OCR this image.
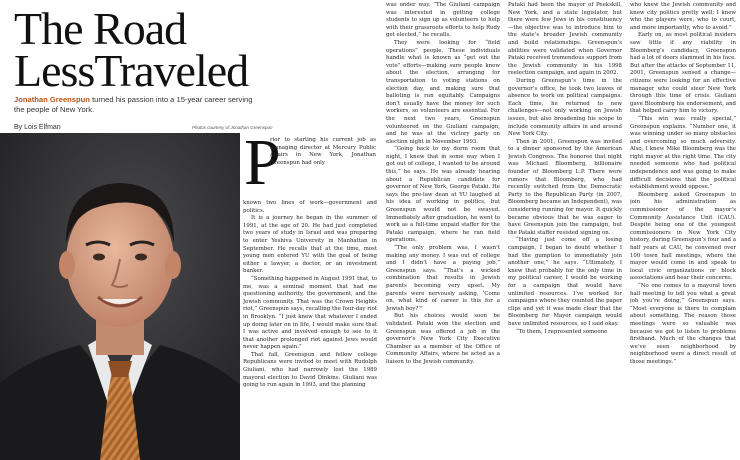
The Road
LessTraveled
Jonathan Greenspun turned his passion into a 15-year career serving the people of New York.
By Lois Elfman	Photos courtesy of Jonathan Greenspun
P

rior to starting his current job as managing director at Mercury Public Affairs in New York, Jonathan Greenspun had only

known two lines of work—government and politics.

It is a journey he began in the summer of 1991, at the age of 20. He had just completed two years of study in Israel and was preparing to enter Yeshiva University in Manhattan in September. He recalls that at the time, most young men entered YU with the goal of being either a lawyer, a doctor, or an investment banker.

“Something happened in August 1991 that, to me, was a seminal moment that had me questioning authority, the government, and the Jewish community. That was the Crown Heights riot,” Greenspun says, recalling the four-day riot in Brooklyn. “I just knew that whatever I ended up doing later on in life, I would make sure that I was active and involved enough to see to it that another prolonged riot against Jews would never happen again.”

That fall, Greenspun and fellow college Republicans were invited to meet with Rudolph Giuliani, who had narrowly lost the 1989 mayoral election to David Dinkins. Giuliani was going to run again in 1993, and the planning

was under way. “The Giuliani campaign was interested in getting college students to sign up as volunteers to help with their grassroots efforts to help Rudy get elected,” he recalls.

They were looking for “field operations” people. These individuals handle what is known as “get out the vote” efforts—making sure people know about the election, arranging for transportation to voting stations on election day, and making sure that balloting is run equitably. Campaigns don’t usually have the money for such workers, so volunteers are essential. For the next two years, Greenspun volunteered on the Giuliani campaign, and he was at the victory party on election night in November 1993.

“Going back to my dorm room that night, I knew that in some way when I got out of college, I wanted to be around this,” he says. He was already hearing about a Republican candidate for governor of New York, George Pataki. He says the pre-law dean at YU laughed at his idea of working in politics, but Greenspun would not be swayed. Immediately after graduation, he went to work as a full-time unpaid staffer for the Pataki campaign, where he ran field operations.

“The only problem was, I wasn’t making any money. I was out of college and I didn’t have a paying job,” Greenspun says. “That’s a wicked combination that results in Jewish parents becoming very upset. My parents were nervously asking, ‘Come on, what kind of career is this for a Jewish boy?’”

But his choices would soon be validated. Pataki won the election and Greenspun was offered a job in the governor’s New York City Executive Chamber as a member of the Office of Community Affairs, where he acted as a liaison to the Jewish community.

Pataki had been the mayor of Peekskill, New York, and a state legislator, but there were few Jews in his constituency—the objective was to introduce him to the state’s broader Jewish community and build relationships. Greenspun’s abilities were validated when Governor Pataki received tremendous support from the Jewish community in his 1998 reelection campaign, and again in 2002.

During Greenspun’s time in the governor’s office, he took two leaves of absence to work on political campaigns. Each time, he returned to new challenges—not only working on Jewish issues, but also broadening his scope to include community affairs in and around New York City.

Then in 2001, Greenspun was invited to a dinner sponsored by the American Jewish Congress. The honoree that night was Michael Bloomberg, billionaire founder of Bloomberg L.P. There were rumors that Bloomberg, who had recently switched from the Democratic Party to the Republican Party (in 2007, Bloomberg became an Independent), was considering running for mayor. It quickly became obvious that he was eager to have Greenspun join the campaign, but the Pataki staffer resisted signing on.

“Having just come off a losing campaign, I began to doubt whether I had the gumption to immediately join another one,” he says. “Ultimately, I knew that probably for the only time in my political career, I would be working for a campaign that would have unlimited resources. I’ve worked for campaigns where they counted the paper clips and yet it was made clear that the Bloomberg for Mayor campaign would have unlimited resources, so I said okay.

“To them, I represented someone

who knew the Jewish community and knew city politics pretty well; I knew who the players were, who to court, and more importantly, who to avoid.”

Early on, as most political insiders saw little if any viability in Bloomberg’s candidacy, Greenspun had a lot of doors slammed in his face. But after the attacks of September 11, 2001, Greenspun sensed a change—citizens were looking for an effective manager who could steer New York through this time of crisis. Giuliani gave Bloomberg his endorsement, and that helped carry him to victory.

“This win was really special,” Greenspun explains. “Number one, it was winning under so many obstacles and overcoming so much adversity. Also, I knew Mike Bloomberg was the right mayor at the right time. The city needed someone who had political independence and was going to make difficult decisions that the political establishment would oppose.”

Bloomberg asked Greenspun to join his administration as commissioner of the mayor’s Community Assistance Unit (CAU). Despite being one of the youngest commissioners in New York City history, during Greenspun’s four and a half years at CAU, he convened over 100 town hall meetings, where the mayor would come in and speak to local civic organizations or block associations and hear their concerns.

“No one comes to a mayoral town hall meeting to tell you what a great job you’re doing,” Greenspun says. “Most everyone is there to complain about something. The reason those meetings were so valuable was because we got to listen to problems firsthand. Much of the changes that we’ve seen neighborhood by neighborhood were a direct result of those meetings.”
